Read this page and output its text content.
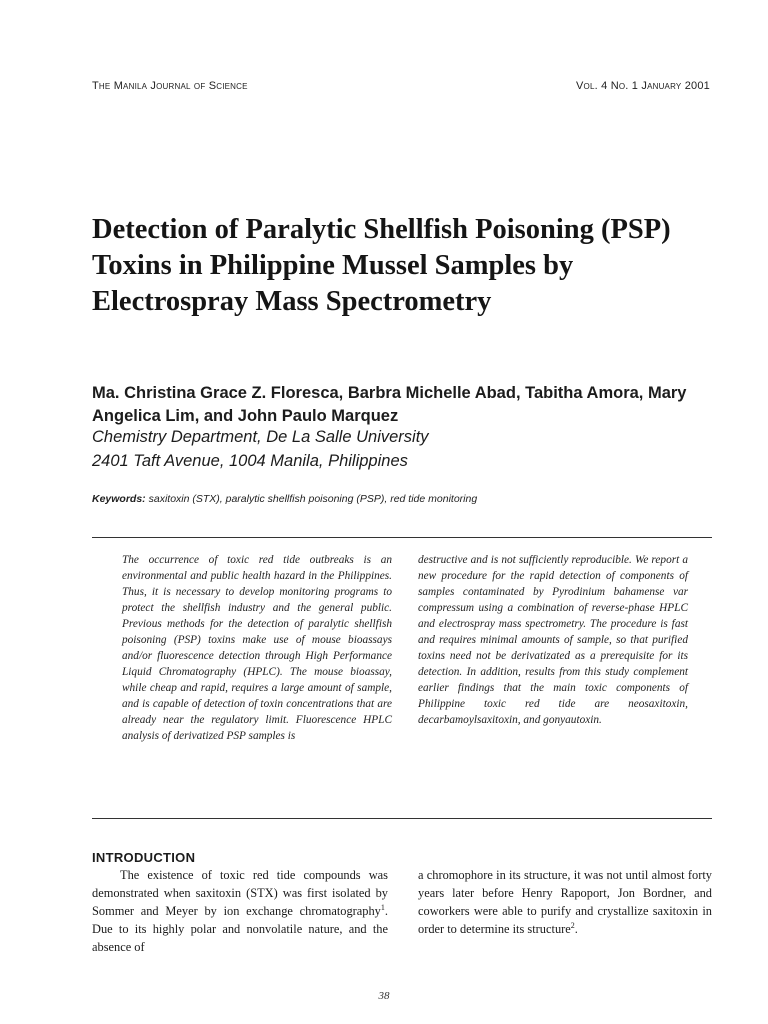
The Manila Journal of Science	Vol. 4 No. 1 January 2001
Detection of Paralytic Shellfish Poisoning (PSP) Toxins in Philippine Mussel Samples by Electrospray Mass Spectrometry
Ma. Christina Grace Z. Floresca, Barbra Michelle Abad, Tabitha Amora, Mary Angelica Lim, and John Paulo Marquez
Chemistry Department, De La Salle University
2401 Taft Avenue, 1004 Manila, Philippines
Keywords: saxitoxin (STX), paralytic shellfish poisoning (PSP), red tide monitoring
The occurrence of toxic red tide outbreaks is an environmental and public health hazard in the Philippines. Thus, it is necessary to develop monitoring programs to protect the shellfish industry and the general public. Previous methods for the detection of paralytic shellfish poisoning (PSP) toxins make use of mouse bioassays and/or fluorescence detection through High Performance Liquid Chromatography (HPLC). The mouse bioassay, while cheap and rapid, requires a large amount of sample, and is capable of detection of toxin concentrations that are already near the regulatory limit. Fluorescence HPLC analysis of derivatized PSP samples is
destructive and is not sufficiently reproducible. We report a new procedure for the rapid detection of components of samples contaminated by Pyrodinium bahamense var compressum using a combination of reverse-phase HPLC and electrospray mass spectrometry. The procedure is fast and requires minimal amounts of sample, so that purified toxins need not be derivatizated as a prerequisite for its detection. In addition, results from this study complement earlier findings that the main toxic components of Philippine toxic red tide are neosaxitoxin, decarbamoylsaxitoxin, and gonyautoxin.
INTRODUCTION
The existence of toxic red tide compounds was demonstrated when saxitoxin (STX) was first isolated by Sommer and Meyer by ion exchange chromatography$^1$. Due to its highly polar and nonvolatile nature, and the absence of
a chromophore in its structure, it was not until almost forty years later before Henry Rapoport, Jon Bordner, and coworkers were able to purify and crystallize saxitoxin in order to determine its structure$^2$.
38
